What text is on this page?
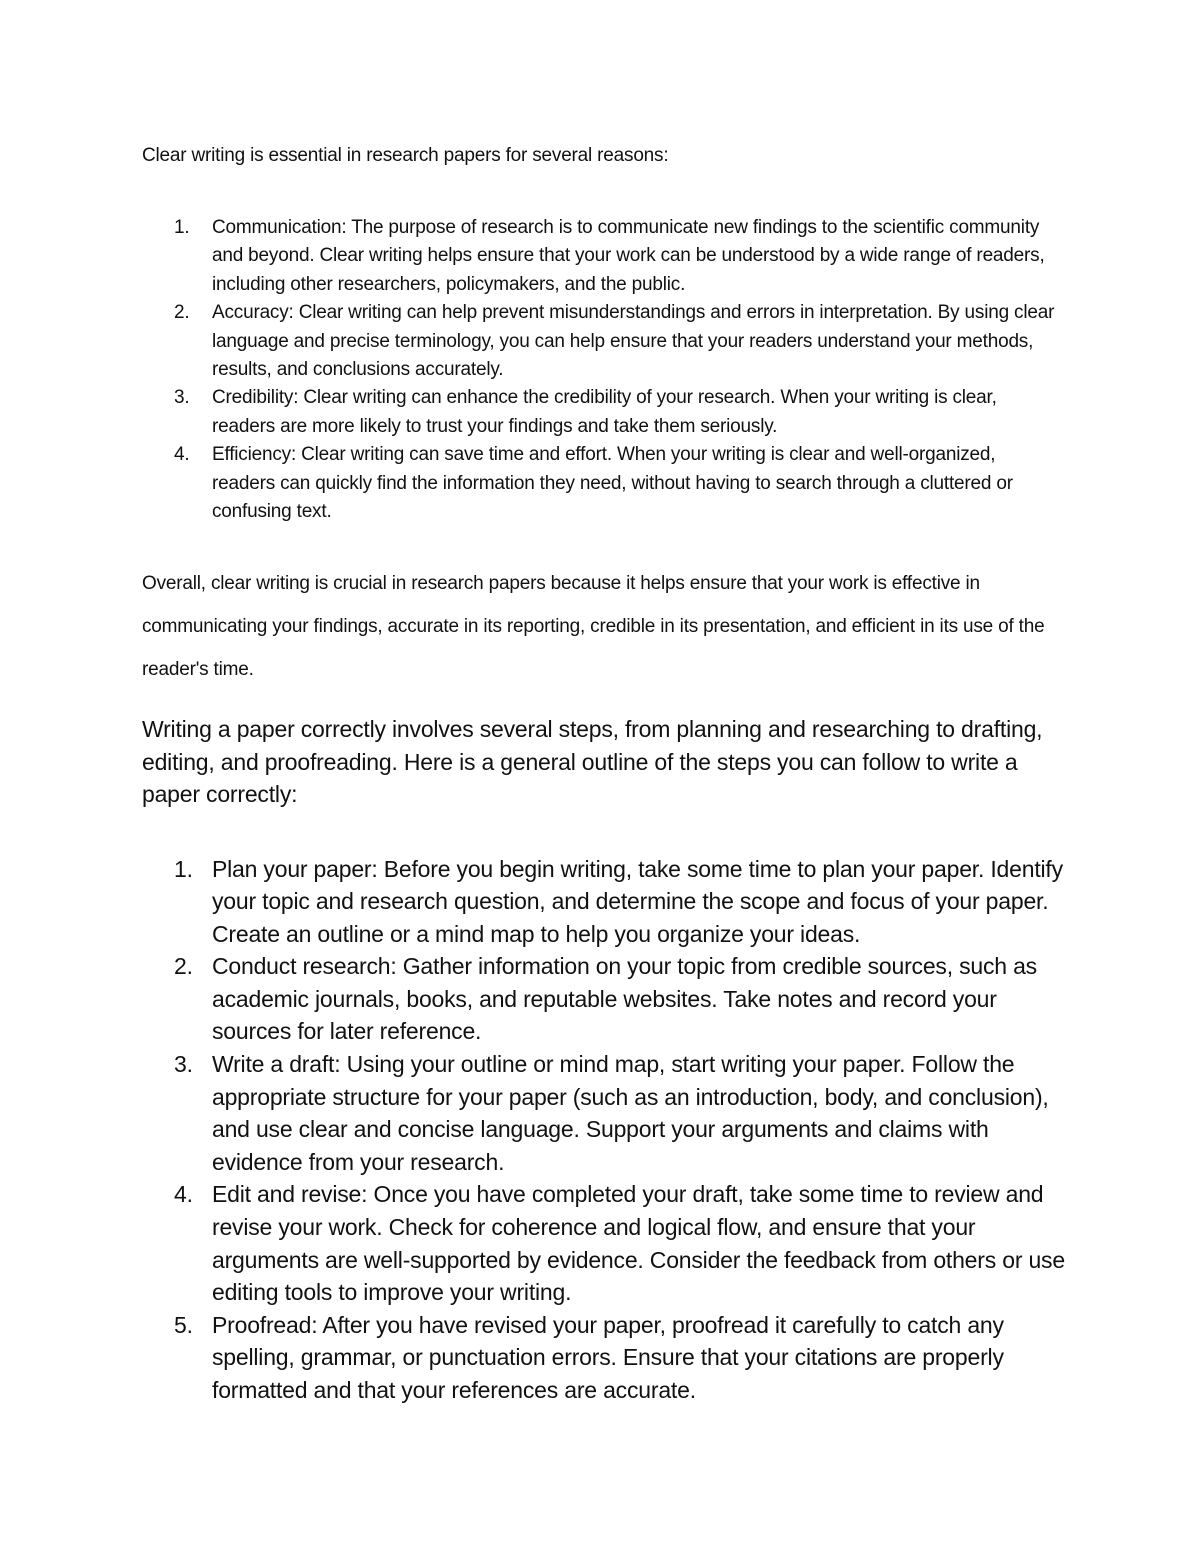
Clear writing is essential in research papers for several reasons:

1. Communication: The purpose of research is to communicate new findings to the scientific community and beyond. Clear writing helps ensure that your work can be understood by a wide range of readers, including other researchers, policymakers, and the public.
2. Accuracy: Clear writing can help prevent misunderstandings and errors in interpretation. By using clear language and precise terminology, you can help ensure that your readers understand your methods, results, and conclusions accurately.
3. Credibility: Clear writing can enhance the credibility of your research. When your writing is clear, readers are more likely to trust your findings and take them seriously.
4. Efficiency: Clear writing can save time and effort. When your writing is clear and well-organized, readers can quickly find the information they need, without having to search through a cluttered or confusing text.

Overall, clear writing is crucial in research papers because it helps ensure that your work is effective in communicating your findings, accurate in its reporting, credible in its presentation, and efficient in its use of the reader's time.

Writing a paper correctly involves several steps, from planning and researching to drafting, editing, and proofreading. Here is a general outline of the steps you can follow to write a paper correctly:

1. Plan your paper: Before you begin writing, take some time to plan your paper. Identify your topic and research question, and determine the scope and focus of your paper. Create an outline or a mind map to help you organize your ideas.
2. Conduct research: Gather information on your topic from credible sources, such as academic journals, books, and reputable websites. Take notes and record your sources for later reference.
3. Write a draft: Using your outline or mind map, start writing your paper. Follow the appropriate structure for your paper (such as an introduction, body, and conclusion), and use clear and concise language. Support your arguments and claims with evidence from your research.
4. Edit and revise: Once you have completed your draft, take some time to review and revise your work. Check for coherence and logical flow, and ensure that your arguments are well-supported by evidence. Consider the feedback from others or use editing tools to improve your writing.
5. Proofread: After you have revised your paper, proofread it carefully to catch any spelling, grammar, or punctuation errors. Ensure that your citations are properly formatted and that your references are accurate.
